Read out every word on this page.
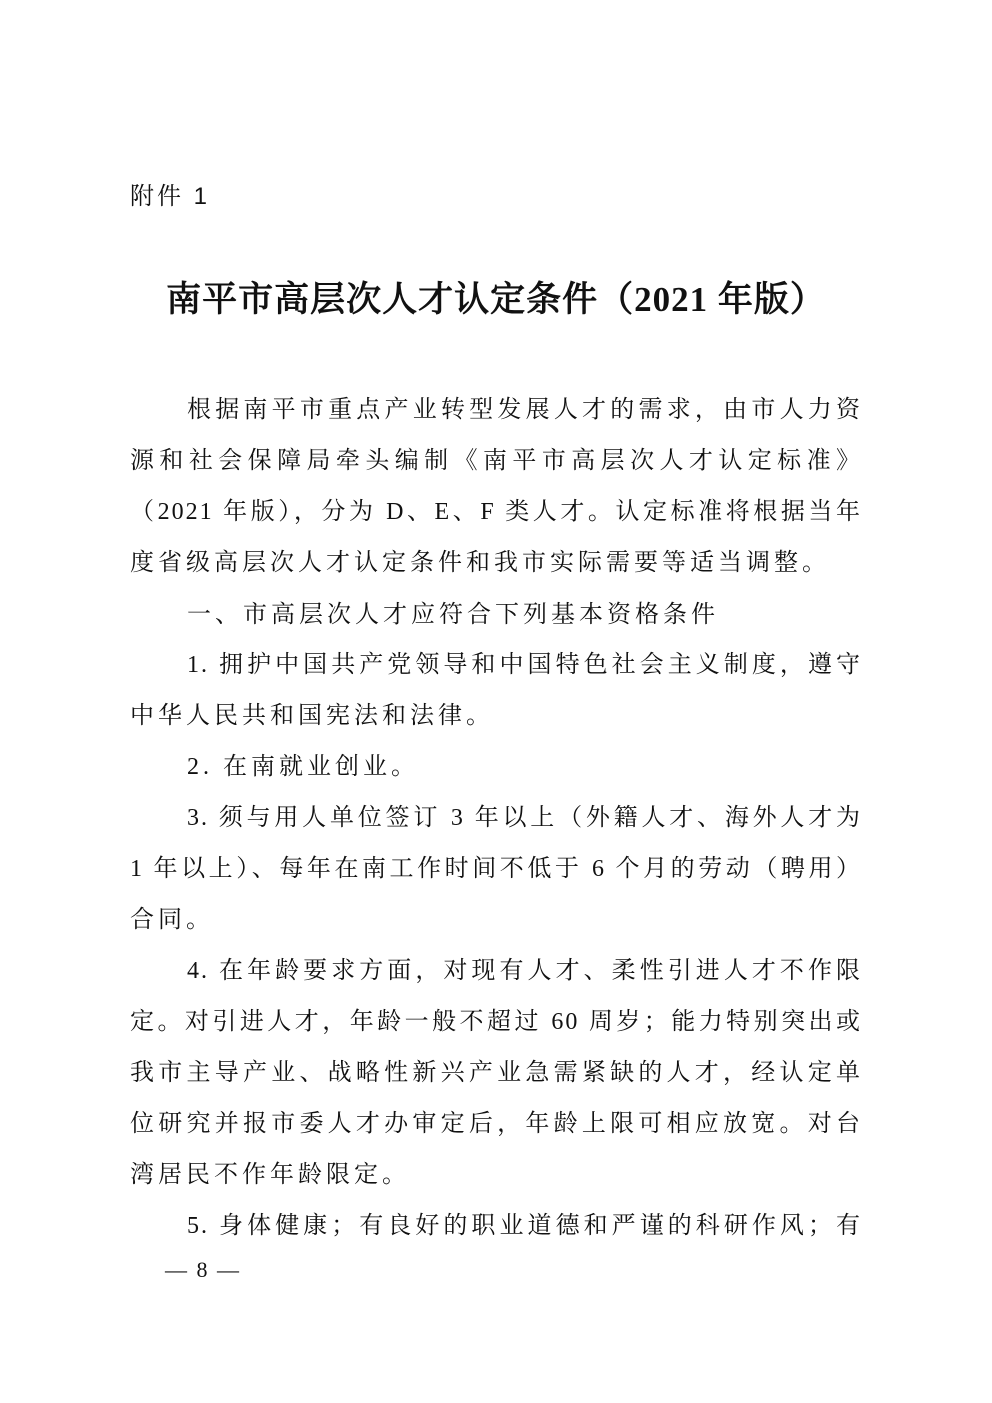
附件 1
南平市高层次人才认定条件（2021 年版）
根据南平市重点产业转型发展人才的需求，由市人力资
源和社会保障局牵头编制《南平市高层次人才认定标准》
（2021 年版），分为 D、E、F 类人才。认定标准将根据当年
度省级高层次人才认定条件和我市实际需要等适当调整。
一、市高层次人才应符合下列基本资格条件
1. 拥护中国共产党领导和中国特色社会主义制度，遵守
中华人民共和国宪法和法律。
2. 在南就业创业。
3. 须与用人单位签订 3 年以上（外籍人才、海外人才为
1 年以上）、每年在南工作时间不低于 6 个月的劳动（聘用）
合同。
4. 在年龄要求方面，对现有人才、柔性引进人才不作限
定。对引进人才，年龄一般不超过 60 周岁；能力特别突出或
我市主导产业、战略性新兴产业急需紧缺的人才，经认定单
位研究并报市委人才办审定后，年龄上限可相应放宽。对台
湾居民不作年龄限定。
5. 身体健康；有良好的职业道德和严谨的科研作风；有
— 8 —
